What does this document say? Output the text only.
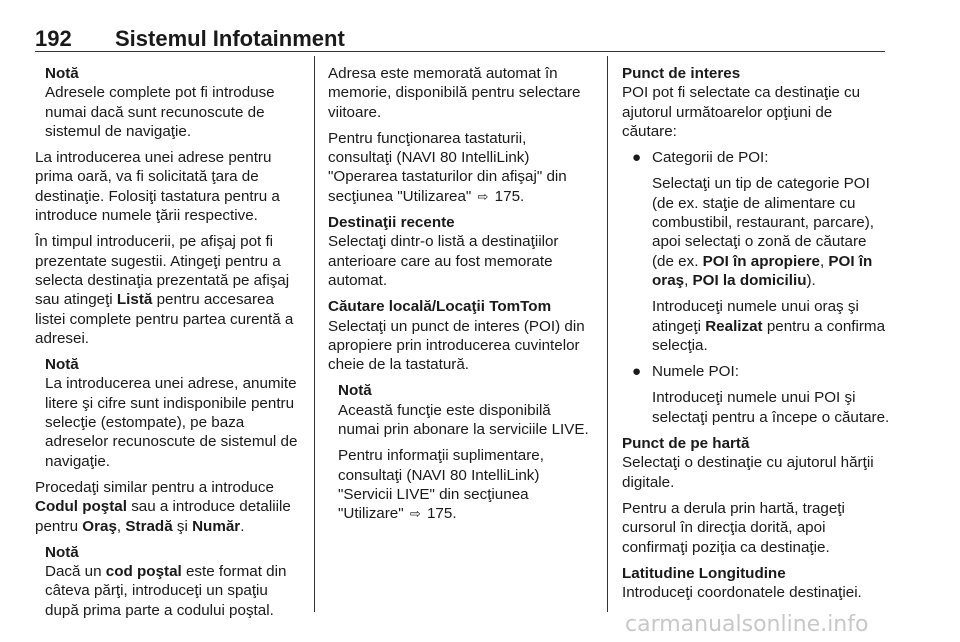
192 Sistemul Infotainment
Notă
Adresele complete pot fi introduse numai dacă sunt recunoscute de sistemul de navigaţie.

La introducerea unei adrese pentru prima oară, va fi solicitată ţara de destinaţie. Folosiţi tastatura pentru a introduce numele ţării respective.

În timpul introducerii, pe afişaj pot fi prezentate sugestii. Atingeţi pentru a selecta destinaţia prezentată pe afişaj sau atingeţi Listă pentru accesarea listei complete pentru partea curentă a adresei.

Notă
La introducerea unei adrese, anumite litere şi cifre sunt indisponibile pentru selecţie (estompate), pe baza adreselor recunoscute de sistemul de navigaţie.

Procedaţi similar pentru a introduce Codul poştal sau a introduce detaliile pentru Oraş, Stradă şi Număr.

Notă
Dacă un cod poştal este format din câteva părţi, introduceţi un spaţiu după prima parte a codului poştal.

Adresa este memorată automat în memorie, disponibilă pentru selectare viitoare.

Pentru funcţionarea tastaturii, consultaţi (NAVI 80 IntelliLink) "Operarea tastaturilor din afişaj" din secţiunea "Utilizarea" ⇨ 175.

Destinaţii recente

Selectaţi dintr-o listă a destinaţiilor anterioare care au fost memorate automat.

Căutare locală/Locaţii TomTom

Selectaţi un punct de interes (POI) din apropiere prin introducerea cuvintelor cheie de la tastatură.

Notă

Această funcţie este disponibilă numai prin abonare la serviciile LIVE.

Pentru informaţii suplimentare, consultaţi (NAVI 80 IntelliLink) "Servicii LIVE" din secţiunea "Utilizare" ⇨ 175.

Punct de interes

POI pot fi selectate ca destinaţie cu ajutorul următoarelor opţiuni de căutare:

● Categorii de POI:
Selectaţi un tip de categorie POI (de ex. staţie de alimentare cu combustibil, restaurant, parcare), apoi selectaţi o zonă de căutare (de ex. POI în apropiere, POI în oraş, POI la domiciliu).
Introduceţi numele unui oraş şi atingeţi Realizat pentru a confirma selecţia.
● Numele POI:
Introduceţi numele unui POI şi selectaţi pentru a începe o căutare.
Punct de pe hartă

Selectaţi o destinaţie cu ajutorul hărţii digitale.

Pentru a derula prin hartă, trageţi cursorul în direcţia dorită, apoi confirmaţi poziţia ca destinaţie.

Latitudine Longitudine

Introduceţi coordonatele destinaţiei.

carmanualsonline.info
